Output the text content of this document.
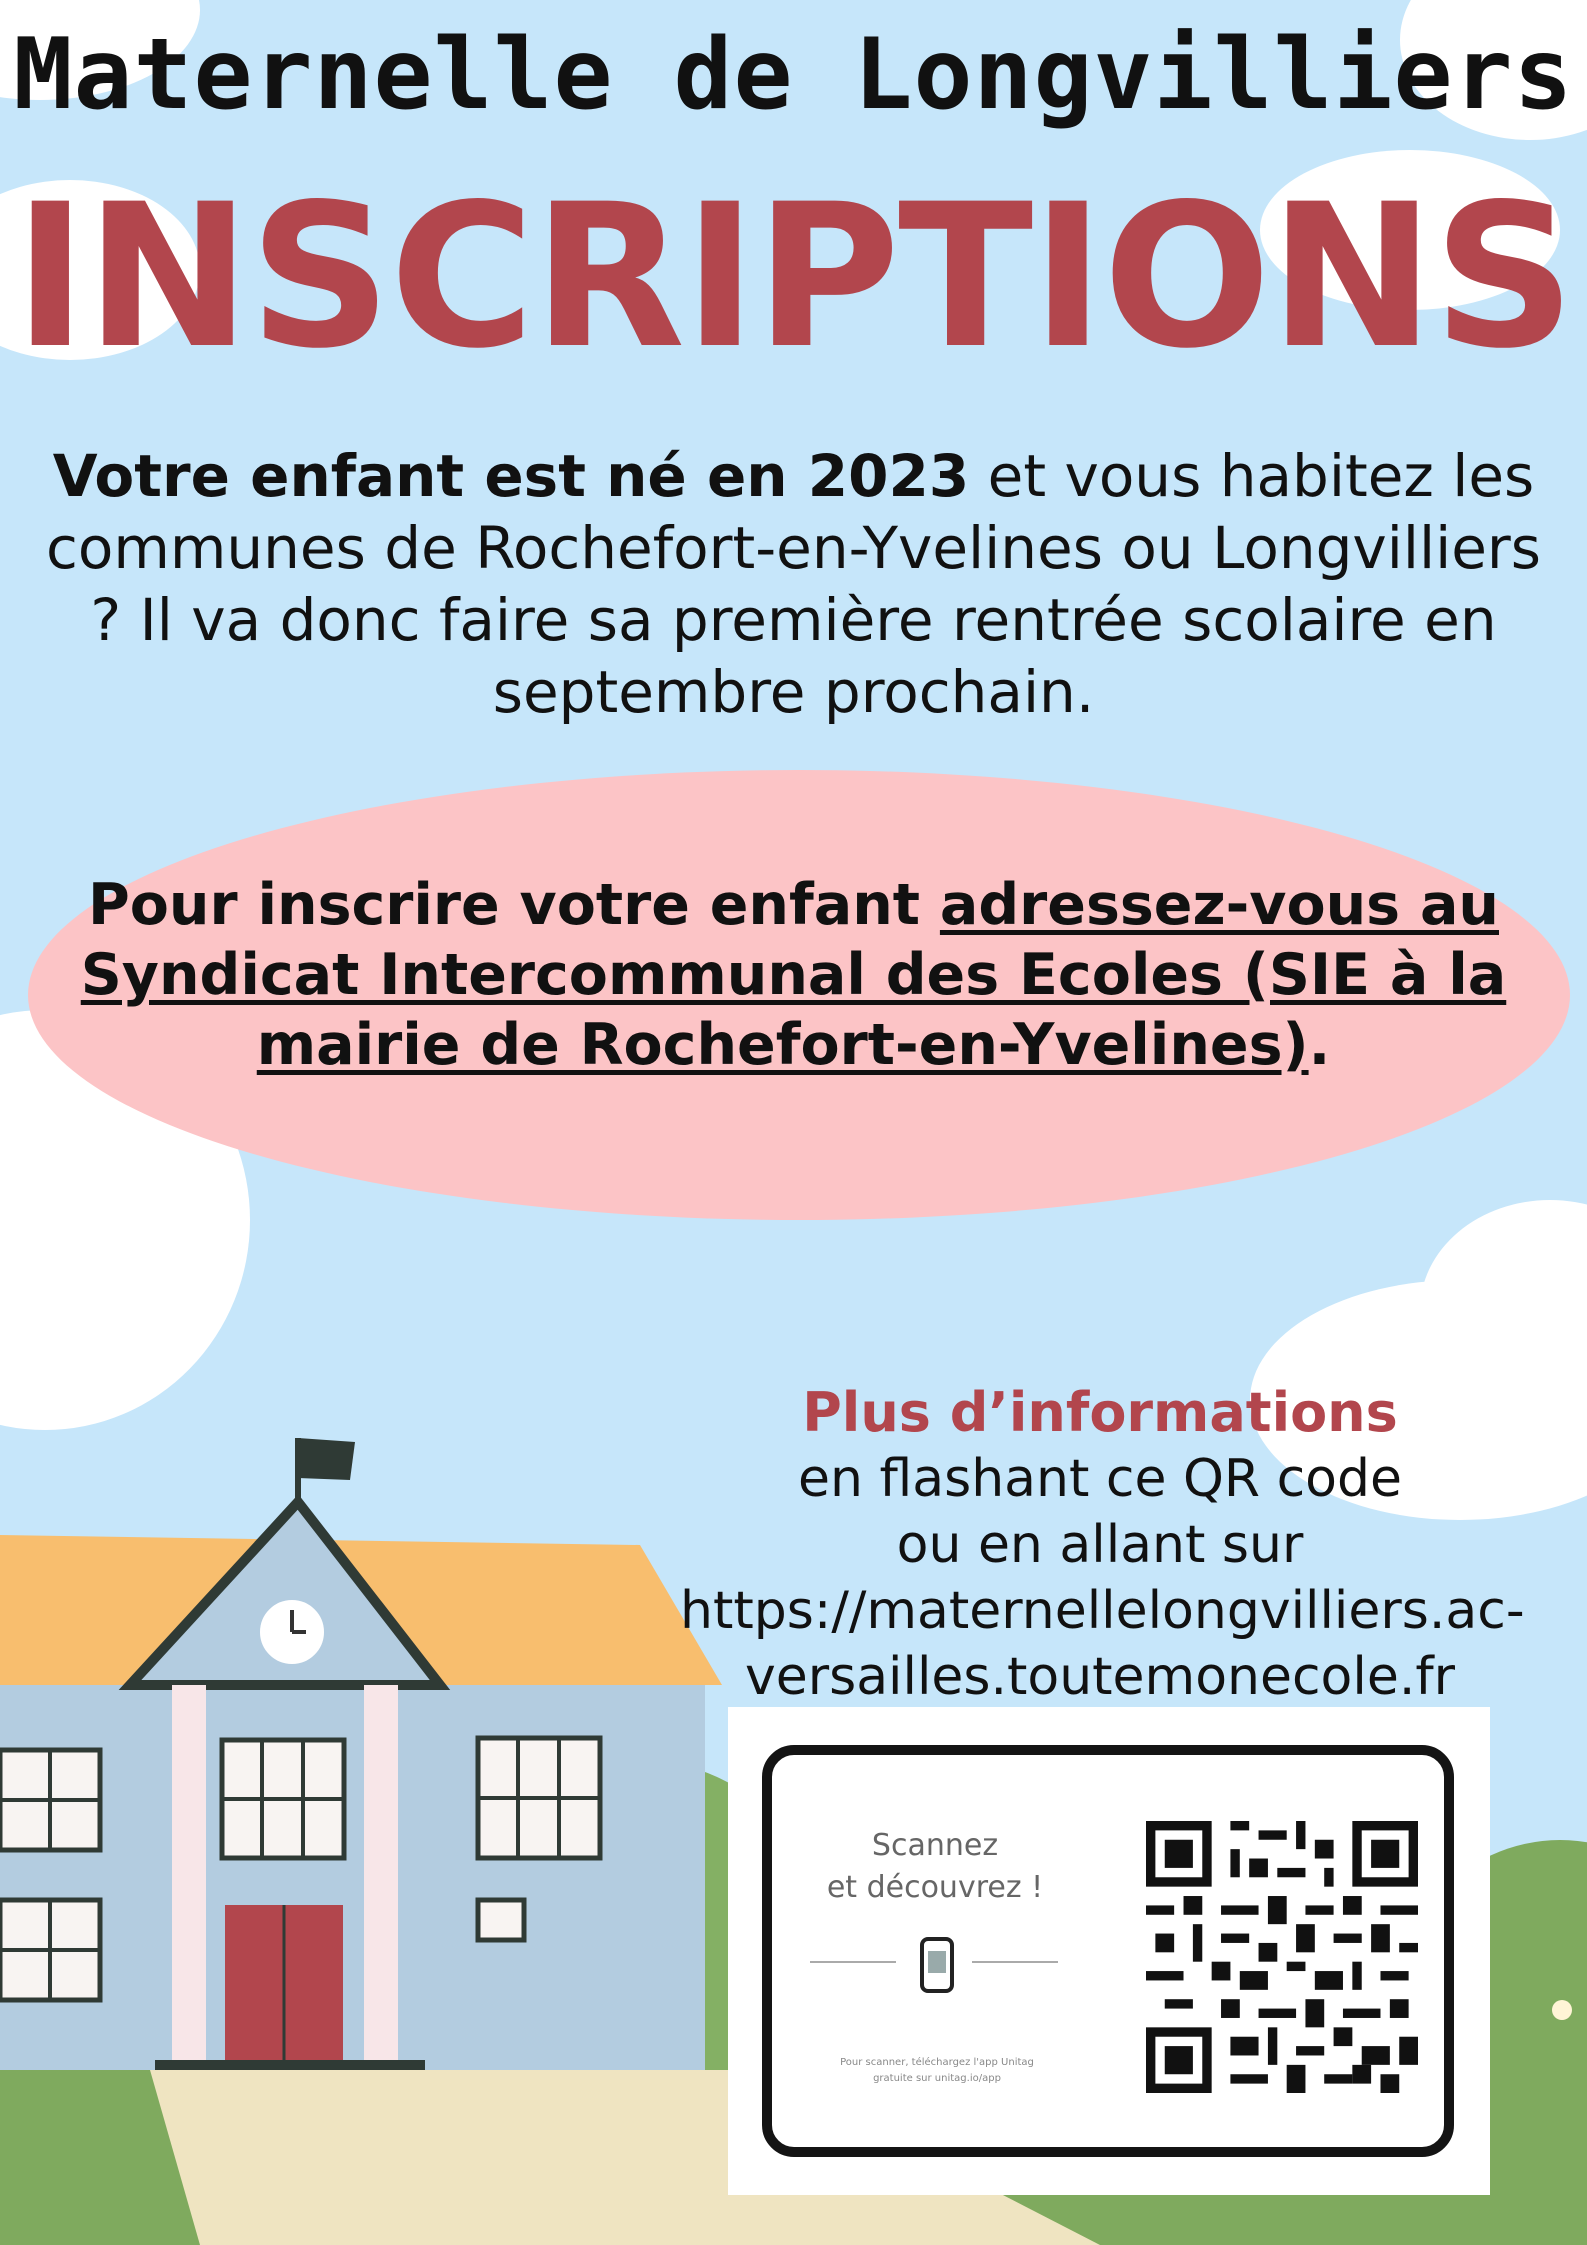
Maternelle de Longvilliers
INSCRIPTIONS
Votre enfant est né en 2023 et vous habitez les communes de Rochefort-en-Yvelines ou Longvilliers ? Il va donc faire sa première rentrée scolaire en septembre prochain.
Pour inscrire votre enfant adressez-vous au Syndicat Intercommunal des Ecoles (SIE à la mairie de Rochefort-en-Yvelines).
Plus d’informations
en flashant ce QR code
ou en allant sur
https://maternellelongvilliers.ac-
versailles.toutemonecole.fr
Scannez
et découvrez !
Pour scanner, téléchargez l'app Unitag gratuite sur unitag.io/app
